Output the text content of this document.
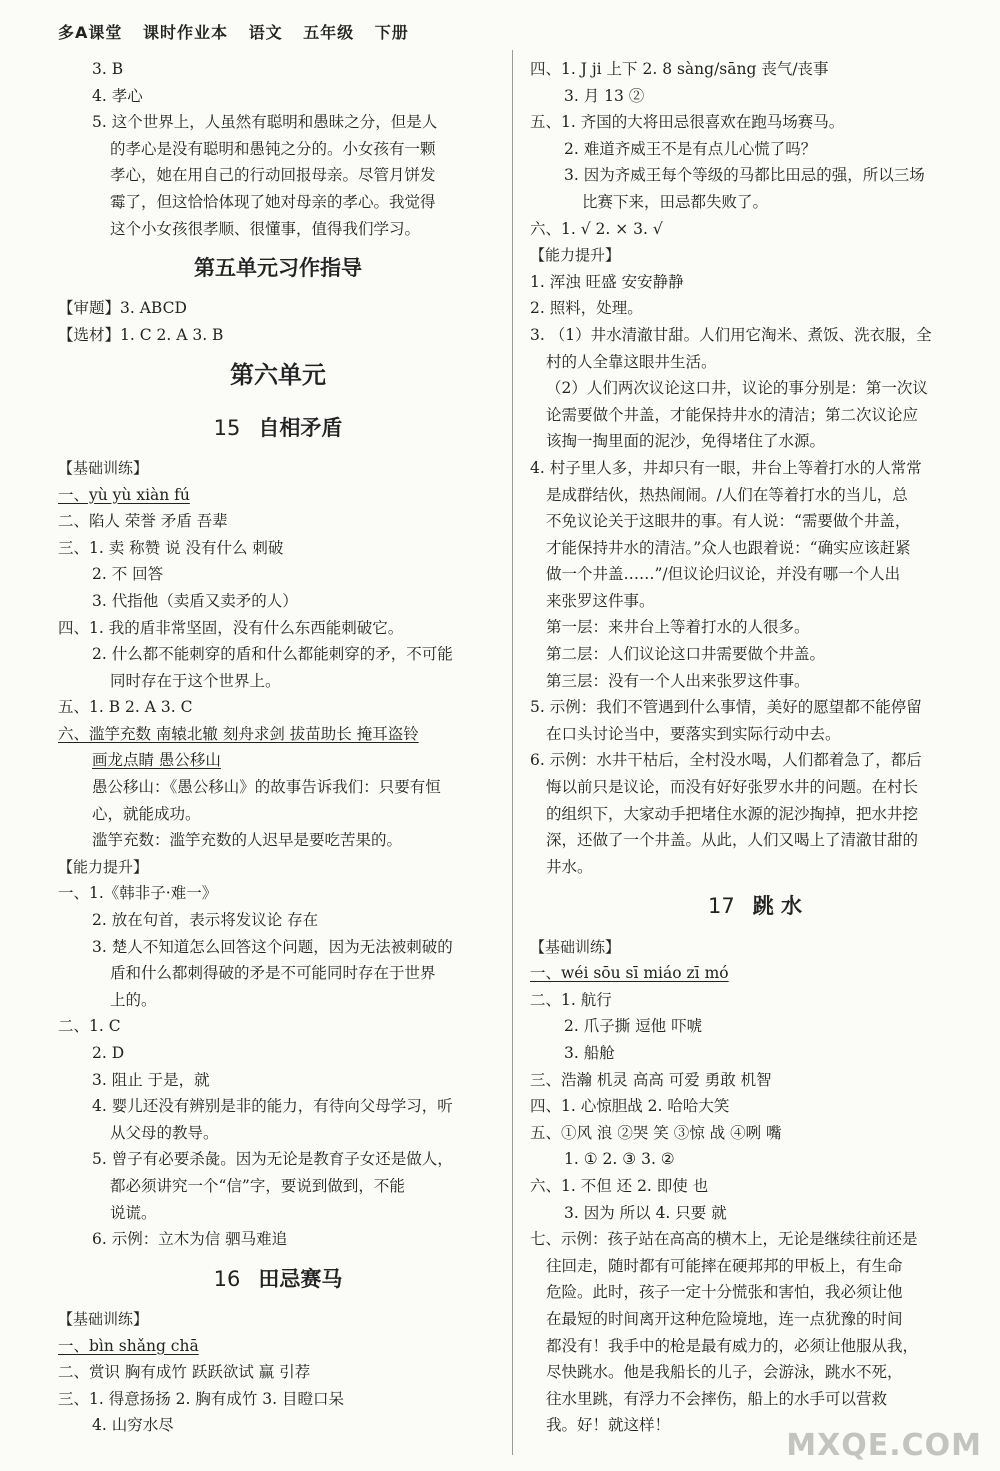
多A课堂 课时作业本 语文 五年级 下册
3. B
4. 孝心
5. 这个世界上，人虽然有聪明和愚昧之分，但是人
的孝心是没有聪明和愚钝之分的。小女孩有一颗
孝心，她在用自己的行动回报母亲。尽管月饼发
霉了，但这恰恰体现了她对母亲的孝心。我觉得
这个小女孩很孝顺、很懂事，值得我们学习。
第五单元习作指导
【审题】3. ABCD
【选材】1. C 2. A 3. B
第六单元
15 自相矛盾
【基础训练】
一、yù yù xiàn fú
二、陷人 荣誉 矛盾 吾辈
三、1. 卖 称赞 说 没有什么 刺破
2. 不 回答
3. 代指他（卖盾又卖矛的人）
四、1. 我的盾非常坚固，没有什么东西能刺破它。
2. 什么都不能刺穿的盾和什么都能刺穿的矛，不可能
同时存在于这个世界上。
五、1. B 2. A 3. C
六、滥竽充数 南辕北辙 刻舟求剑 拔苗助长 掩耳盗铃
画龙点睛 愚公移山
愚公移山：《愚公移山》的故事告诉我们：只要有恒
心，就能成功。
滥竽充数：滥竽充数的人迟早是要吃苦果的。
【能力提升】
一、1.《韩非子·难一》
2. 放在句首，表示将发议论 存在
3. 楚人不知道怎么回答这个问题，因为无法被刺破的
盾和什么都刺得破的矛是不可能同时存在于世界
上的。
二、1. C
2. D
3. 阻止 于是，就
4. 婴儿还没有辨别是非的能力，有待向父母学习，听
从父母的教导。
5. 曾子有必要杀彘。因为无论是教育子女还是做人，
都必须讲究一个“信”字，要说到做到，不能
说谎。
6. 示例：立木为信 驷马难追
16 田忌赛马
【基础训练】
一、bìn shǎng chā
二、赏识 胸有成竹 跃跃欲试 赢 引荐
三、1. 得意扬扬 2. 胸有成竹 3. 目瞪口呆
4. 山穷水尽
四、1. J ji 上下 2. 8 sàng/sāng 丧气/丧事
3. 月 13 ②
五、1. 齐国的大将田忌很喜欢在跑马场赛马。
2. 难道齐威王不是有点儿心慌了吗？
3. 因为齐威王每个等级的马都比田忌的强，所以三场
比赛下来，田忌都失败了。
六、1. √ 2. × 3. √
【能力提升】
1. 浑浊 旺盛 安安静静
2. 照料，处理。
3. （1）井水清澈甘甜。人们用它淘米、煮饭、洗衣服，全
村的人全靠这眼井生活。
（2）人们两次议论这口井，议论的事分别是：第一次议
论需要做个井盖，才能保持井水的清洁；第二次议论应
该掏一掏里面的泥沙，免得堵住了水源。
4. 村子里人多，井却只有一眼，井台上等着打水的人常常
是成群结伙，热热闹闹。/人们在等着打水的当儿，总
不免议论关于这眼井的事。有人说：“需要做个井盖，
才能保持井水的清洁。”众人也跟着说：“确实应该赶紧
做一个井盖……”/但议论归议论，并没有哪一个人出
来张罗这件事。
第一层：来井台上等着打水的人很多。
第二层：人们议论这口井需要做个井盖。
第三层：没有一个人出来张罗这件事。
5. 示例：我们不管遇到什么事情，美好的愿望都不能停留
在口头讨论当中，要落实到实际行动中去。
6. 示例：水井干枯后，全村没水喝，人们都着急了，都后
悔以前只是议论，而没有好好张罗水井的问题。在村长
的组织下，大家动手把堵住水源的泥沙掏掉，把水井挖
深，还做了一个井盖。从此，人们又喝上了清澈甘甜的
井水。
17 跳 水
【基础训练】
一、wéi sōu sī miáo zī mó
二、1. 航行
2. 爪子撕 逗他 吓唬
3. 船舱
三、浩瀚 机灵 高高 可爱 勇敢 机智
四、1. 心惊胆战 2. 哈哈大笑
五、①风 浪 ②哭 笑 ③惊 战 ④咧 嘴
1. ① 2. ③ 3. ②
六、1. 不但 还 2. 即使 也
3. 因为 所以 4. 只要 就
七、示例：孩子站在高高的横木上，无论是继续往前还是
往回走，随时都有可能摔在硬邦邦的甲板上，有生命
危险。此时，孩子一定十分慌张和害怕，我必须让他
在最短的时间离开这种危险境地，连一点犹豫的时间
都没有！我手中的枪是最有威力的，必须让他服从我，
尽快跳水。他是我船长的儿子，会游泳，跳水不死，
往水里跳，有浮力不会摔伤，船上的水手可以营救
我。好！就这样！
MXQE.COM
